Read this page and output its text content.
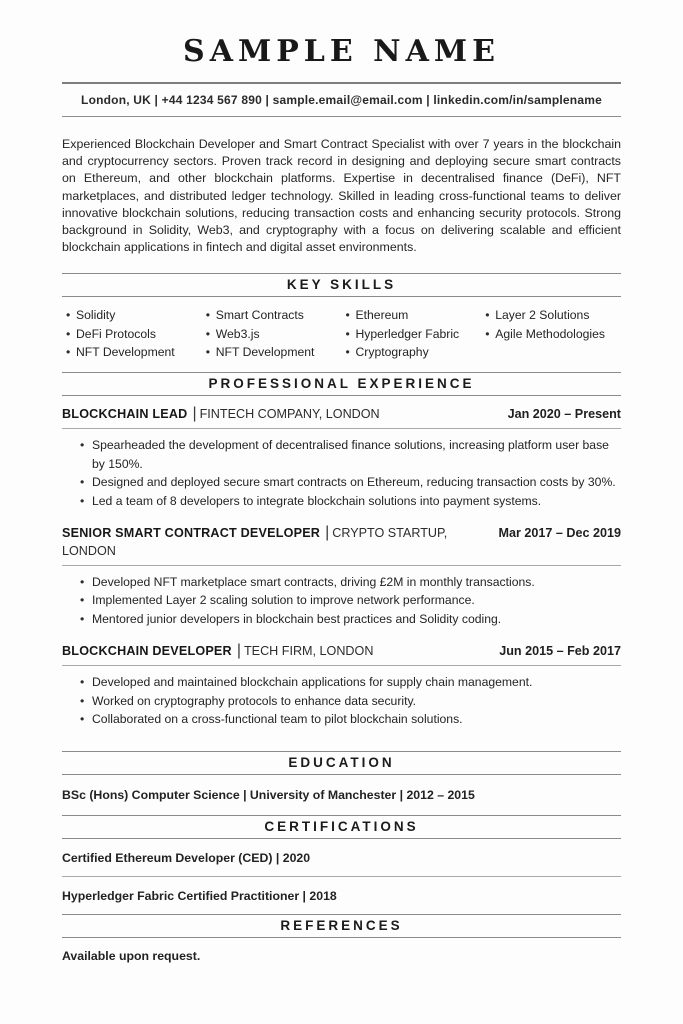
SAMPLE NAME
London, UK | +44 1234 567 890 | sample.email@email.com | linkedin.com/in/samplename

Experienced Blockchain Developer and Smart Contract Specialist with over 7 years in the blockchain and cryptocurrency sectors. Proven track record in designing and deploying secure smart contracts on Ethereum, and other blockchain platforms. Expertise in decentralised finance (DeFi), NFT marketplaces, and distributed ledger technology. Skilled in leading cross-functional teams to deliver innovative blockchain solutions, reducing transaction costs and enhancing security protocols. Strong background in Solidity, Web3, and cryptography with a focus on delivering scalable and efficient blockchain applications in fintech and digital asset environments.

KEY SKILLS
• Solidity
• DeFi Protocols
• NFT Development
• Smart Contracts
• Web3.js
• NFT Development
• Ethereum
• Hyperledger Fabric
• Cryptography
• Layer 2 Solutions
• Agile Methodologies
PROFESSIONAL EXPERIENCE
BLOCKCHAIN LEAD | FINTECH COMPANY, LONDON	Jan 2020 – Present
• Spearheaded the development of decentralised finance solutions, increasing platform user base by 150%.
• Designed and deployed secure smart contracts on Ethereum, reducing transaction costs by 30%.
• Led a team of 8 developers to integrate blockchain solutions into payment systems.
SENIOR SMART CONTRACT DEVELOPER | CRYPTO STARTUP, LONDON
Mar 2017 – Dec 2019
• Developed NFT marketplace smart contracts, driving £2M in monthly transactions.
• Implemented Layer 2 scaling solution to improve network performance.
• Mentored junior developers in blockchain best practices and Solidity coding.
BLOCKCHAIN DEVELOPER | TECH FIRM, LONDON	Jun 2015 – Feb 2017
• Developed and maintained blockchain applications for supply chain management.
• Worked on cryptography protocols to enhance data security.
• Collaborated on a cross-functional team to pilot blockchain solutions.
EDUCATION
BSc (Hons) Computer Science | University of Manchester | 2012 – 2015
CERTIFICATIONS
Certified Ethereum Developer (CED) | 2020
Hyperledger Fabric Certified Practitioner | 2018
REFERENCES
Available upon request.
